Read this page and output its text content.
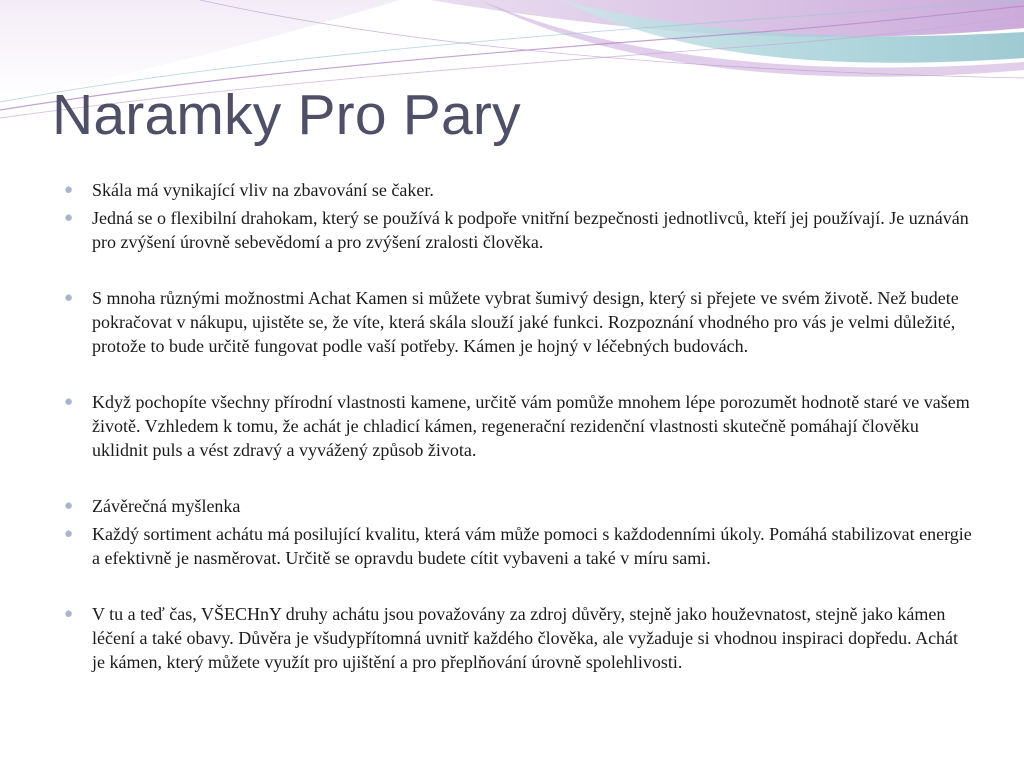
Naramky Pro Pary
● Skála má vynikající vliv na zbavování se čaker.
● Jedná se o flexibilní drahokam, který se používá k podpoře vnitřní bezpečnosti jednotlivců, kteří jej používají. Je uznáván pro zvýšení úrovně sebevědomí a pro zvýšení zralosti člověka.
● S mnoha různými možnostmi Achat Kamen si můžete vybrat šumivý design, který si přejete ve svém životě. Než budete pokračovat v nákupu, ujistěte se, že víte, která skála slouží jaké funkci. Rozpoznání vhodného pro vás je velmi důležité, protože to bude určitě fungovat podle vaší potřeby. Kámen je hojný v léčebných budovách.
● Když pochopíte všechny přírodní vlastnosti kamene, určitě vám pomůže mnohem lépe porozumět hodnotě staré ve vašem životě. Vzhledem k tomu, že achát je chladicí kámen, regenerační rezidenční vlastnosti skutečně pomáhají člověku uklidnit puls a vést zdravý a vyvážený způsob života.
● Závěrečná myšlenka
● Každý sortiment achátu má posilující kvalitu, která vám může pomoci s každodenními úkoly. Pomáhá stabilizovat energie a efektivně je nasměrovat. Určitě se opravdu budete cítit vybaveni a také v míru sami.
● V tu a teď čas, VŠECHnY druhy achátu jsou považovány za zdroj důvěry, stejně jako houževnatost, stejně jako kámen léčení a také obavy. Důvěra je všudypřítomná uvnitř každého člověka, ale vyžaduje si vhodnou inspiraci dopředu. Achát je kámen, který můžete využít pro ujištění a pro přeplňování úrovně spolehlivosti.
